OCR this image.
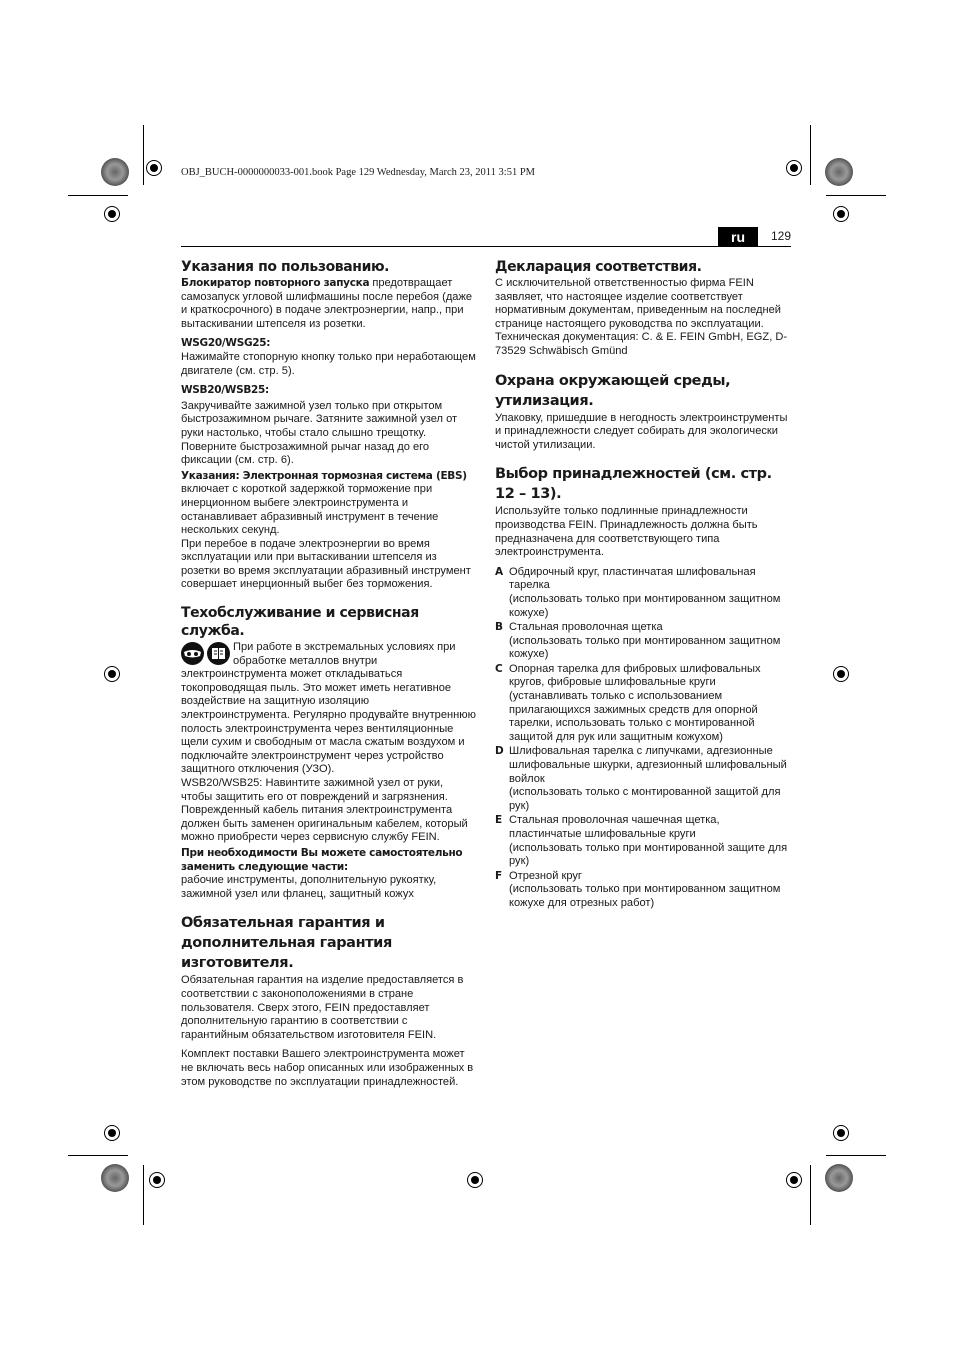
OBJ_BUCH-0000000033-001.book Page 129 Wednesday, March 23, 2011 3:51 PM
ru	129
Указания по пользованию.

Блокиратор повторного запуска предотвращает самозапуск угловой шлифмашины после перебоя (даже и краткосрочного) в подаче электроэнергии, напр., при вытаскивании штепселя из розетки.

WSG20/WSG25:

Нажимайте стопорную кнопку только при неработающем двигателе (см. стр. 5).

WSB20/WSB25:

Закручивайте зажимной узел только при открытом быстрозажимном рычаге. Затяните зажимной узел от руки настолько, чтобы стало слышно трещотку. Поверните быстрозажимной рычаг назад до его фиксации (см. стр. 6).

Указания: Электронная тормозная система (EBS)

включает с короткой задержкой торможение при инерционном выбеге электроинструмента и останавливает абразивный инструмент в течение нескольких секунд.

При перебое в подаче электроэнергии во время эксплуатации или при вытаскивании штепселя из розетки во время эксплуатации абразивный инструмент совершает инерционный выбег без торможения.

Техобслуживание и сервисная служба.

При работе в экстремальных условиях при обработке металлов внутри электроинструмента может откладываться токопроводящая пыль. Это может иметь негативное воздействие на защитную изоляцию электроинструмента. Регулярно продувайте внутреннюю полость электроинструмента через вентиляционные щели сухим и свободным от масла сжатым воздухом и подключайте электроинструмент через устройство защитного отключения (УЗО).

WSB20/WSB25: Навинтите зажимной узел от руки, чтобы защитить его от повреждений и загрязнения.

Поврежденный кабель питания электроинструмента должен быть заменен оригинальным кабелем, который можно приобрести через сервисную службу FEIN.

При необходимости Вы можете самостоятельно заменить следующие части:

рабочие инструменты, дополнительную рукоятку, зажимной узел или фланец, защитный кожух

Обязательная гарантия и дополнительная гарантия изготовителя.

Обязательная гарантия на изделие предоставляется в соответствии с законоположениями в стране пользователя. Сверх этого, FEIN предоставляет дополнительную гарантию в соответствии с гарантийным обязательством изготовителя FEIN.

Комплект поставки Вашего электроинструмента может не включать весь набор описанных или изображенных в этом руководстве по эксплуатации принадлежностей.

Декларация соответствия.

С исключительной ответственностью фирма FEIN заявляет, что настоящее изделие соответствует нормативным документам, приведенным на последней странице настоящего руководства по эксплуатации.

Техническая документация: C. & E. FEIN GmbH, EGZ, D-73529 Schwäbisch Gmünd

Охрана окружающей среды, утилизация.

Упаковку, пришедшие в негодность электроинструменты и принадлежности следует собирать для экологически чистой утилизации.

Выбор принадлежностей (см. стр. 12 – 13).

Используйте только подлинные принадлежности производства FEIN. Принадлежность должна быть предназначена для соответствующего типа электроинструмента.

A Обдирочный круг, пластинчатая шлифовальная тарелка
(использовать только при монтированном защитном кожухе)
B Стальная проволочная щетка
(использовать только при монтированном защитном кожухе)
C Опорная тарелка для фибровых шлифовальных кругов, фибровые шлифовальные круги
(устанавливать только с использованием прилагающихся зажимных средств для опорной тарелки, использовать только с монтированной защитой для рук или защитным кожухом)
D Шлифовальная тарелка с липучками, адгезионные шлифовальные шкурки, адгезионный шлифовальный войлок
(использовать только с монтированной защитой для рук)
E Стальная проволочная чашечная щетка, пластинчатые шлифовальные круги
(использовать только при монтированной защите для рук)
F Отрезной круг
(использовать только при монтированном защитном кожухе для отрезных работ)
